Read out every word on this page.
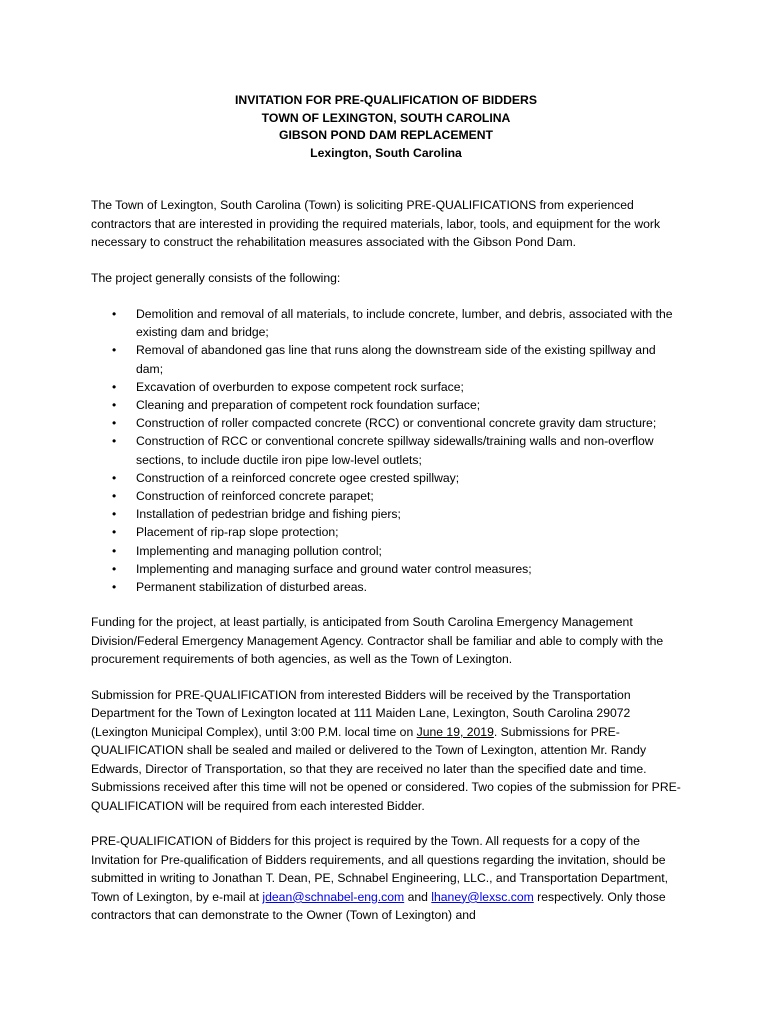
INVITATION FOR PRE-QUALIFICATION OF BIDDERS
TOWN OF LEXINGTON, SOUTH CAROLINA
GIBSON POND DAM REPLACEMENT
Lexington, South Carolina

The Town of Lexington, South Carolina (Town) is soliciting PRE-QUALIFICATIONS from experienced contractors that are interested in providing the required materials, labor, tools, and equipment for the work necessary to construct the rehabilitation measures associated with the Gibson Pond Dam.

The project generally consists of the following:

• Demolition and removal of all materials, to include concrete, lumber, and debris, associated with the existing dam and bridge;
• Removal of abandoned gas line that runs along the downstream side of the existing spillway and dam;
• Excavation of overburden to expose competent rock surface;
• Cleaning and preparation of competent rock foundation surface;
• Construction of roller compacted concrete (RCC) or conventional concrete gravity dam structure;
• Construction of RCC or conventional concrete spillway sidewalls/training walls and non-overflow sections, to include ductile iron pipe low-level outlets;
• Construction of a reinforced concrete ogee crested spillway;
• Construction of reinforced concrete parapet;
• Installation of pedestrian bridge and fishing piers;
• Placement of rip-rap slope protection;
• Implementing and managing pollution control;
• Implementing and managing surface and ground water control measures;
• Permanent stabilization of disturbed areas.

Funding for the project, at least partially, is anticipated from South Carolina Emergency Management Division/Federal Emergency Management Agency. Contractor shall be familiar and able to comply with the procurement requirements of both agencies, as well as the Town of Lexington.

Submission for PRE-QUALIFICATION from interested Bidders will be received by the Transportation Department for the Town of Lexington located at 111 Maiden Lane, Lexington, South Carolina 29072 (Lexington Municipal Complex), until 3:00 P.M. local time on June 19, 2019. Submissions for PRE-QUALIFICATION shall be sealed and mailed or delivered to the Town of Lexington, attention Mr. Randy Edwards, Director of Transportation, so that they are received no later than the specified date and time. Submissions received after this time will not be opened or considered. Two copies of the submission for PRE-QUALIFICATION will be required from each interested Bidder.

PRE-QUALIFICATION of Bidders for this project is required by the Town. All requests for a copy of the Invitation for Pre-qualification of Bidders requirements, and all questions regarding the invitation, should be submitted in writing to Jonathan T. Dean, PE, Schnabel Engineering, LLC., and Transportation Department, Town of Lexington, by e-mail at jdean@schnabel-eng.com and lhaney@lexsc.com respectively. Only those contractors that can demonstrate to the Owner (Town of Lexington) and
